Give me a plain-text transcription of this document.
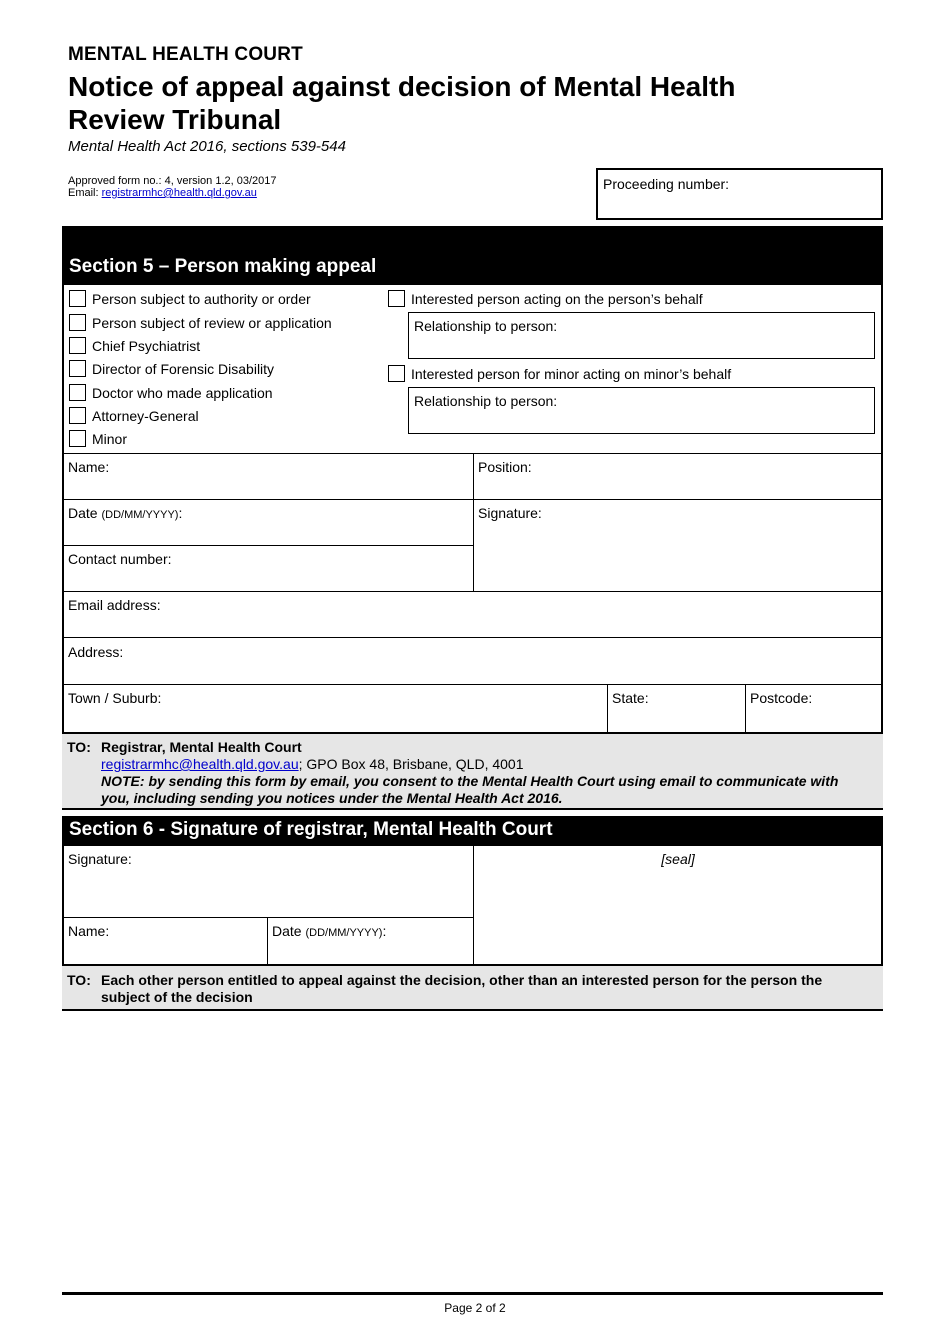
MENTAL HEALTH COURT
Notice of appeal against decision of Mental Health Review Tribunal
Mental Health Act 2016, sections 539-544
Approved form no.: 4, version 1.2, 03/2017
Email: registrarmhc@health.qld.gov.au
Proceeding number:
Section 5 – Person making appeal
Person subject to authority or order
Person subject of review or application
Chief Psychiatrist
Director of Forensic Disability
Doctor who made application
Attorney-General
Minor
Interested person acting on the person’s behalf
Relationship to person:
Interested person for minor acting on minor’s behalf
Relationship to person:
Name:	Position:
Date (DD/MM/YYYY):	Signature:
Contact number:
Email address:
Address:
Town / Suburb:	State:	Postcode:
TO: Registrar, Mental Health Court
registrarmhc@health.qld.gov.au; GPO Box 48, Brisbane, QLD, 4001
NOTE: by sending this form by email, you consent to the Mental Health Court using email to communicate with you, including sending you notices under the Mental Health Act 2016.
Section 6 - Signature of registrar, Mental Health Court
Signature:	[seal]
Name:	Date (DD/MM/YYYY):
TO: Each other person entitled to appeal against the decision, other than an interested person for the person the subject of the decision
Page 2 of 2
